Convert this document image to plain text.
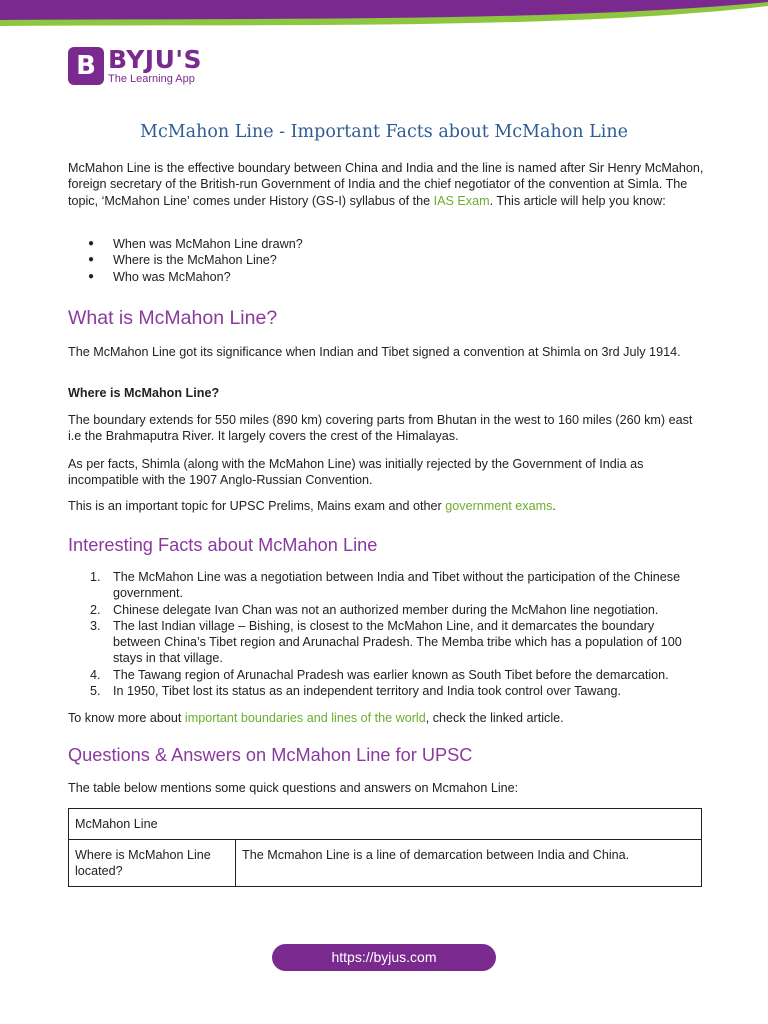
B BYJU'S
The Learning App
McMahon Line - Important Facts about McMahon Line

McMahon Line is the effective boundary between China and India and the line is named after Sir Henry McMahon, foreign secretary of the British-run Government of India and the chief negotiator of the convention at Simla. The topic, ‘McMahon Line’ comes under History (GS-I) syllabus of the IAS Exam. This article will help you know:

● When was McMahon Line drawn?
● Where is the McMahon Line?
● Who was McMahon?
What is McMahon Line?

The McMahon Line got its significance when Indian and Tibet signed a convention at Shimla on 3rd July 1914.

Where is McMahon Line?

The boundary extends for 550 miles (890 km) covering parts from Bhutan in the west to 160 miles (260 km) east i.e the Brahmaputra River. It largely covers the crest of the Himalayas.

As per facts, Shimla (along with the McMahon Line) was initially rejected by the Government of India as incompatible with the 1907 Anglo-Russian Convention.

This is an important topic for UPSC Prelims, Mains exam and other government exams.

Interesting Facts about McMahon Line
1. The McMahon Line was a negotiation between India and Tibet without the participation of the Chinese government.
2. Chinese delegate Ivan Chan was not an authorized member during the McMahon line negotiation.
3. The last Indian village – Bishing, is closest to the McMahon Line, and it demarcates the boundary between China’s Tibet region and Arunachal Pradesh. The Memba tribe which has a population of 100 stays in that village.
4. The Tawang region of Arunachal Pradesh was earlier known as South Tibet before the demarcation.
5. In 1950, Tibet lost its status as an independent territory and India took control over Tawang.

To know more about important boundaries and lines of the world, check the linked article.

Questions & Answers on McMahon Line for UPSC

The table below mentions some quick questions and answers on Mcmahon Line:

McMahon Line
Where is McMahon Line located?	The Mcmahon Line is a line of demarcation between India and China.
https://byjus.com
